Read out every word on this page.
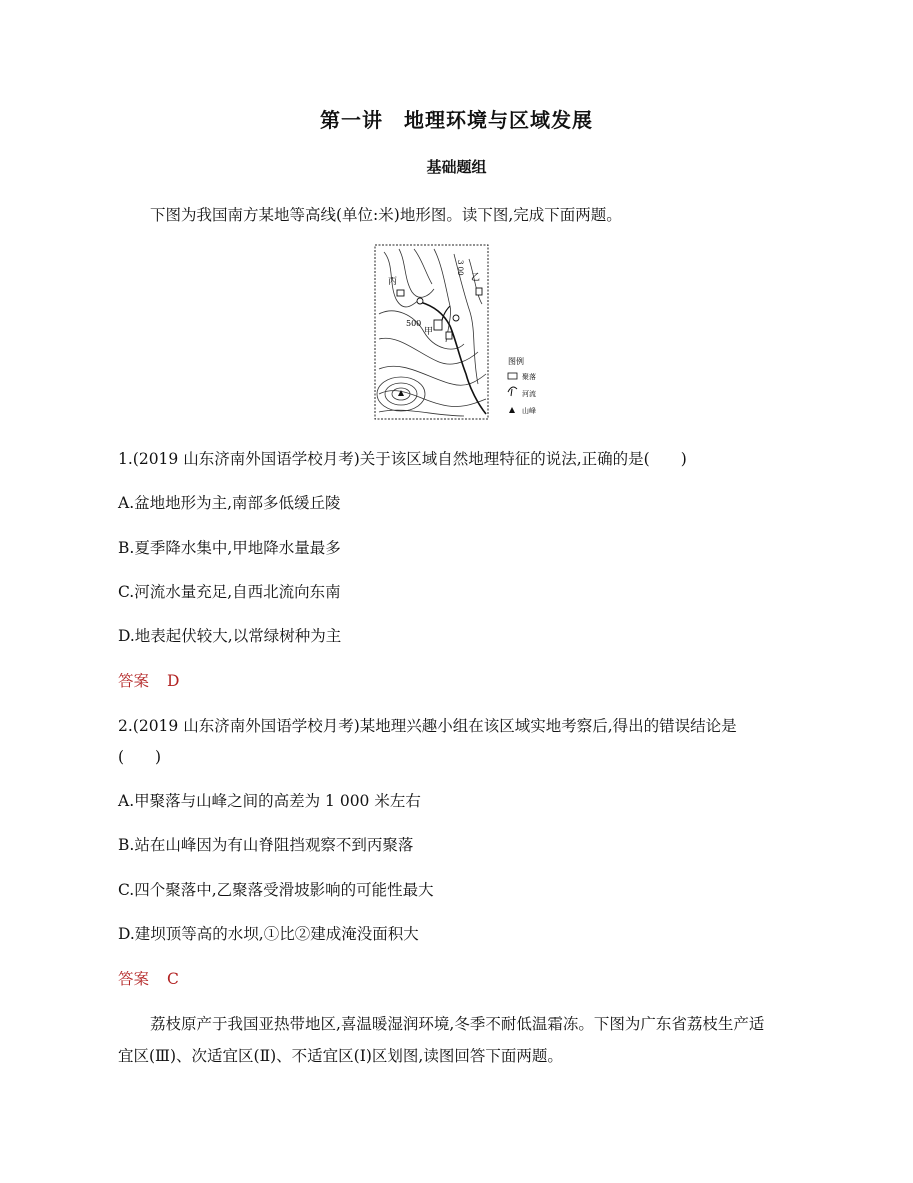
第一讲　地理环境与区域发展
基础题组
下图为我国南方某地等高线(单位:米)地形图。读下图,完成下面两题。
丙	乙
甲
500
3 00
图例
聚落
河流
山峰
1.(2019 山东济南外国语学校月考)关于该区域自然地理特征的说法,正确的是(　　)
A.盆地地形为主,南部多低缓丘陵
B.夏季降水集中,甲地降水量最多
C.河流水量充足,自西北流向东南
D.地表起伏较大,以常绿树种为主
答案 D
2.(2019 山东济南外国语学校月考)某地理兴趣小组在该区域实地考察后,得出的错误结论是
(　　)
A.甲聚落与山峰之间的高差为 1 000 米左右
B.站在山峰因为有山脊阻挡观察不到丙聚落
C.四个聚落中,乙聚落受滑坡影响的可能性最大
D.建坝顶等高的水坝,①比②建成淹没面积大
答案 C
荔枝原产于我国亚热带地区,喜温暖湿润环境,冬季不耐低温霜冻。下图为广东省荔枝生产适
宜区(Ⅲ)、次适宜区(Ⅱ)、不适宜区(Ⅰ)区划图,读图回答下面两题。
